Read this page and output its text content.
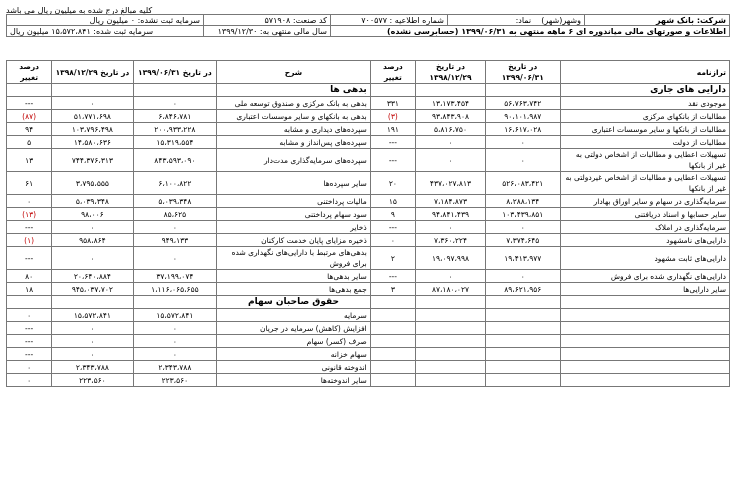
کلیه مبالغ درج شده به میلیون ریال می باشد
سرمایه ثبت نشده: ۰ میلیون ریال	کد صنعت: ۵۷۱۹۰۸	شماره اطلاعیه : ۷۰۰۵۷۷	وشهر(شهر)    نماد:	شرکت: بانک شهر
سرمایه ثبت شده: ۱۵،۵۷۲،۸۴۱ میلیون ریال	سال مالی منتهی به: ۱۳۹۹/۱۲/۳۰	اطلاعات و صورتهای مالی میاندوره ای ۶ ماهه منتهی به ۱۳۹۹/۰۶/۳۱ (حسابرسی نشده)		
ترازنامه	در تاریخ ۱۳۹۹/۰۶/۳۱	در تاریخ ۱۳۹۸/۱۲/۲۹	درصد تغییر	شرح	در تاریخ ۱۳۹۹/۰۶/۳۱	در تاریخ ۱۳۹۸/۱۲/۲۹	درصد تغییر
دارایی های جاری				بدهی ها			
موجودی نقد	۵۶،۷۶۳،۷۴۲	۱۳،۱۷۳،۴۵۴	۳۳۱	بدهی به بانک مرکزی و صندوق توسعه ملی	۰	۰	---
مطالبات از بانکهای مرکزی	۹۰،۱۰۱،۹۸۷	۹۳،۸۴۳،۹۰۸	(۳)	بدهی به بانکهای و سایر موسسات اعتباری	۶،۸۴۶،۷۸۱	۵۱،۷۷۱،۶۹۸	(۸۷)
مطالبات از بانکها و سایر موسسات اعتباری	۱۶،۶۱۷،۰۲۸	۵،۸۱۶،۷۵۰	۱۹۱	سپرده‌های دیداری و مشابه	۲۰۰،۹۳۳،۲۲۸	۱۰۳،۷۹۶،۴۹۸	۹۴
مطالبات از دولت	۰	۰	---	سپرده‌های پس‌انداز و مشابه	۱۵،۳۱۹،۵۵۴	۱۴،۵۸۰،۶۳۶	۵
تسهیلات اعطایی و مطالبات از اشخاص دولتی به غیر از بانکها	۰	۰	---	سپرده‌های سرمایه‌گذاری مدت‌دار	۸۴۳،۵۹۳،۰۹۰	۷۴۴،۳۷۶،۳۱۳	۱۳
تسهیلات اعطایی و مطالبات از اشخاص غیردولتی به غیر از بانکها	۵۲۶،۰۸۳،۴۲۱	۴۳۷،۰۲۷،۸۱۳	۲۰	سایر سپرده‌ها	۶،۱۰۰،۸۲۲	۳،۷۹۵،۵۵۵	۶۱
سرمایه‌گذاری در سهام و سایر اوراق بهادار	۸،۲۸۸،۱۳۴	۷،۱۸۴،۸۷۳	۱۵	مالیات پرداختنی	۵،۰۳۹،۳۴۸	۵،۰۳۹،۳۴۸	۰
سایر حسابها و اسناد دریافتنی	۱۰۳،۴۳۹،۸۵۱	۹۴،۸۴۱،۴۳۹	۹	سود سهام پرداختنی	۸۵،۶۲۵	۹۸،۰۰۶	(۱۳)
سرمایه‌گذاری در املاک	۰	۰	---	ذخایر	۰	۰	---
دارایی‌های نامشهود	۷،۳۷۴،۶۴۵	۷،۳۶۰،۲۲۴	۰	ذخیره مزایای پایان خدمت کارکنان	۹۴۹،۱۳۳	۹۵۸،۸۶۴	(۱)
دارایی‌های ثابت مشهود	۱۹،۴۱۳،۹۷۷	۱۹،۰۹۷،۹۹۸	۲	بدهی‌های مرتبط با دارایی‌های نگهداری شده برای فروش	۰	۰	---
دارایی‌های نگهداری شده برای فروش	۰	۰	---	سایر بدهی‌ها	۳۷،۱۹۹،۰۷۴	۲۰،۶۴۰،۸۸۴	۸۰
سایر دارایی‌ها	۸۹،۶۲۱،۹۵۶	۸۷،۱۸۰،۰۲۷	۳	جمع بدهی‌ها	۱،۱۱۶،۰۶۵،۶۵۵	۹۴۵،۰۳۷،۷۰۲	۱۸
				حقوق صاحبان سهام			
				سرمایه	۱۵،۵۷۲،۸۴۱	۱۵،۵۷۲،۸۴۱	۰
				افزایش (کاهش) سرمایه در جریان	۰	۰	---
				صرف (کسر) سهام	۰	۰	---
				سهام خزانه	۰	۰	---
				اندوخته قانونی	۲،۳۴۳،۷۸۸	۲،۳۴۳،۷۸۸	۰
				سایر اندوخته‌ها	۲۲۳،۵۶۰	۲۲۳،۵۶۰	۰
